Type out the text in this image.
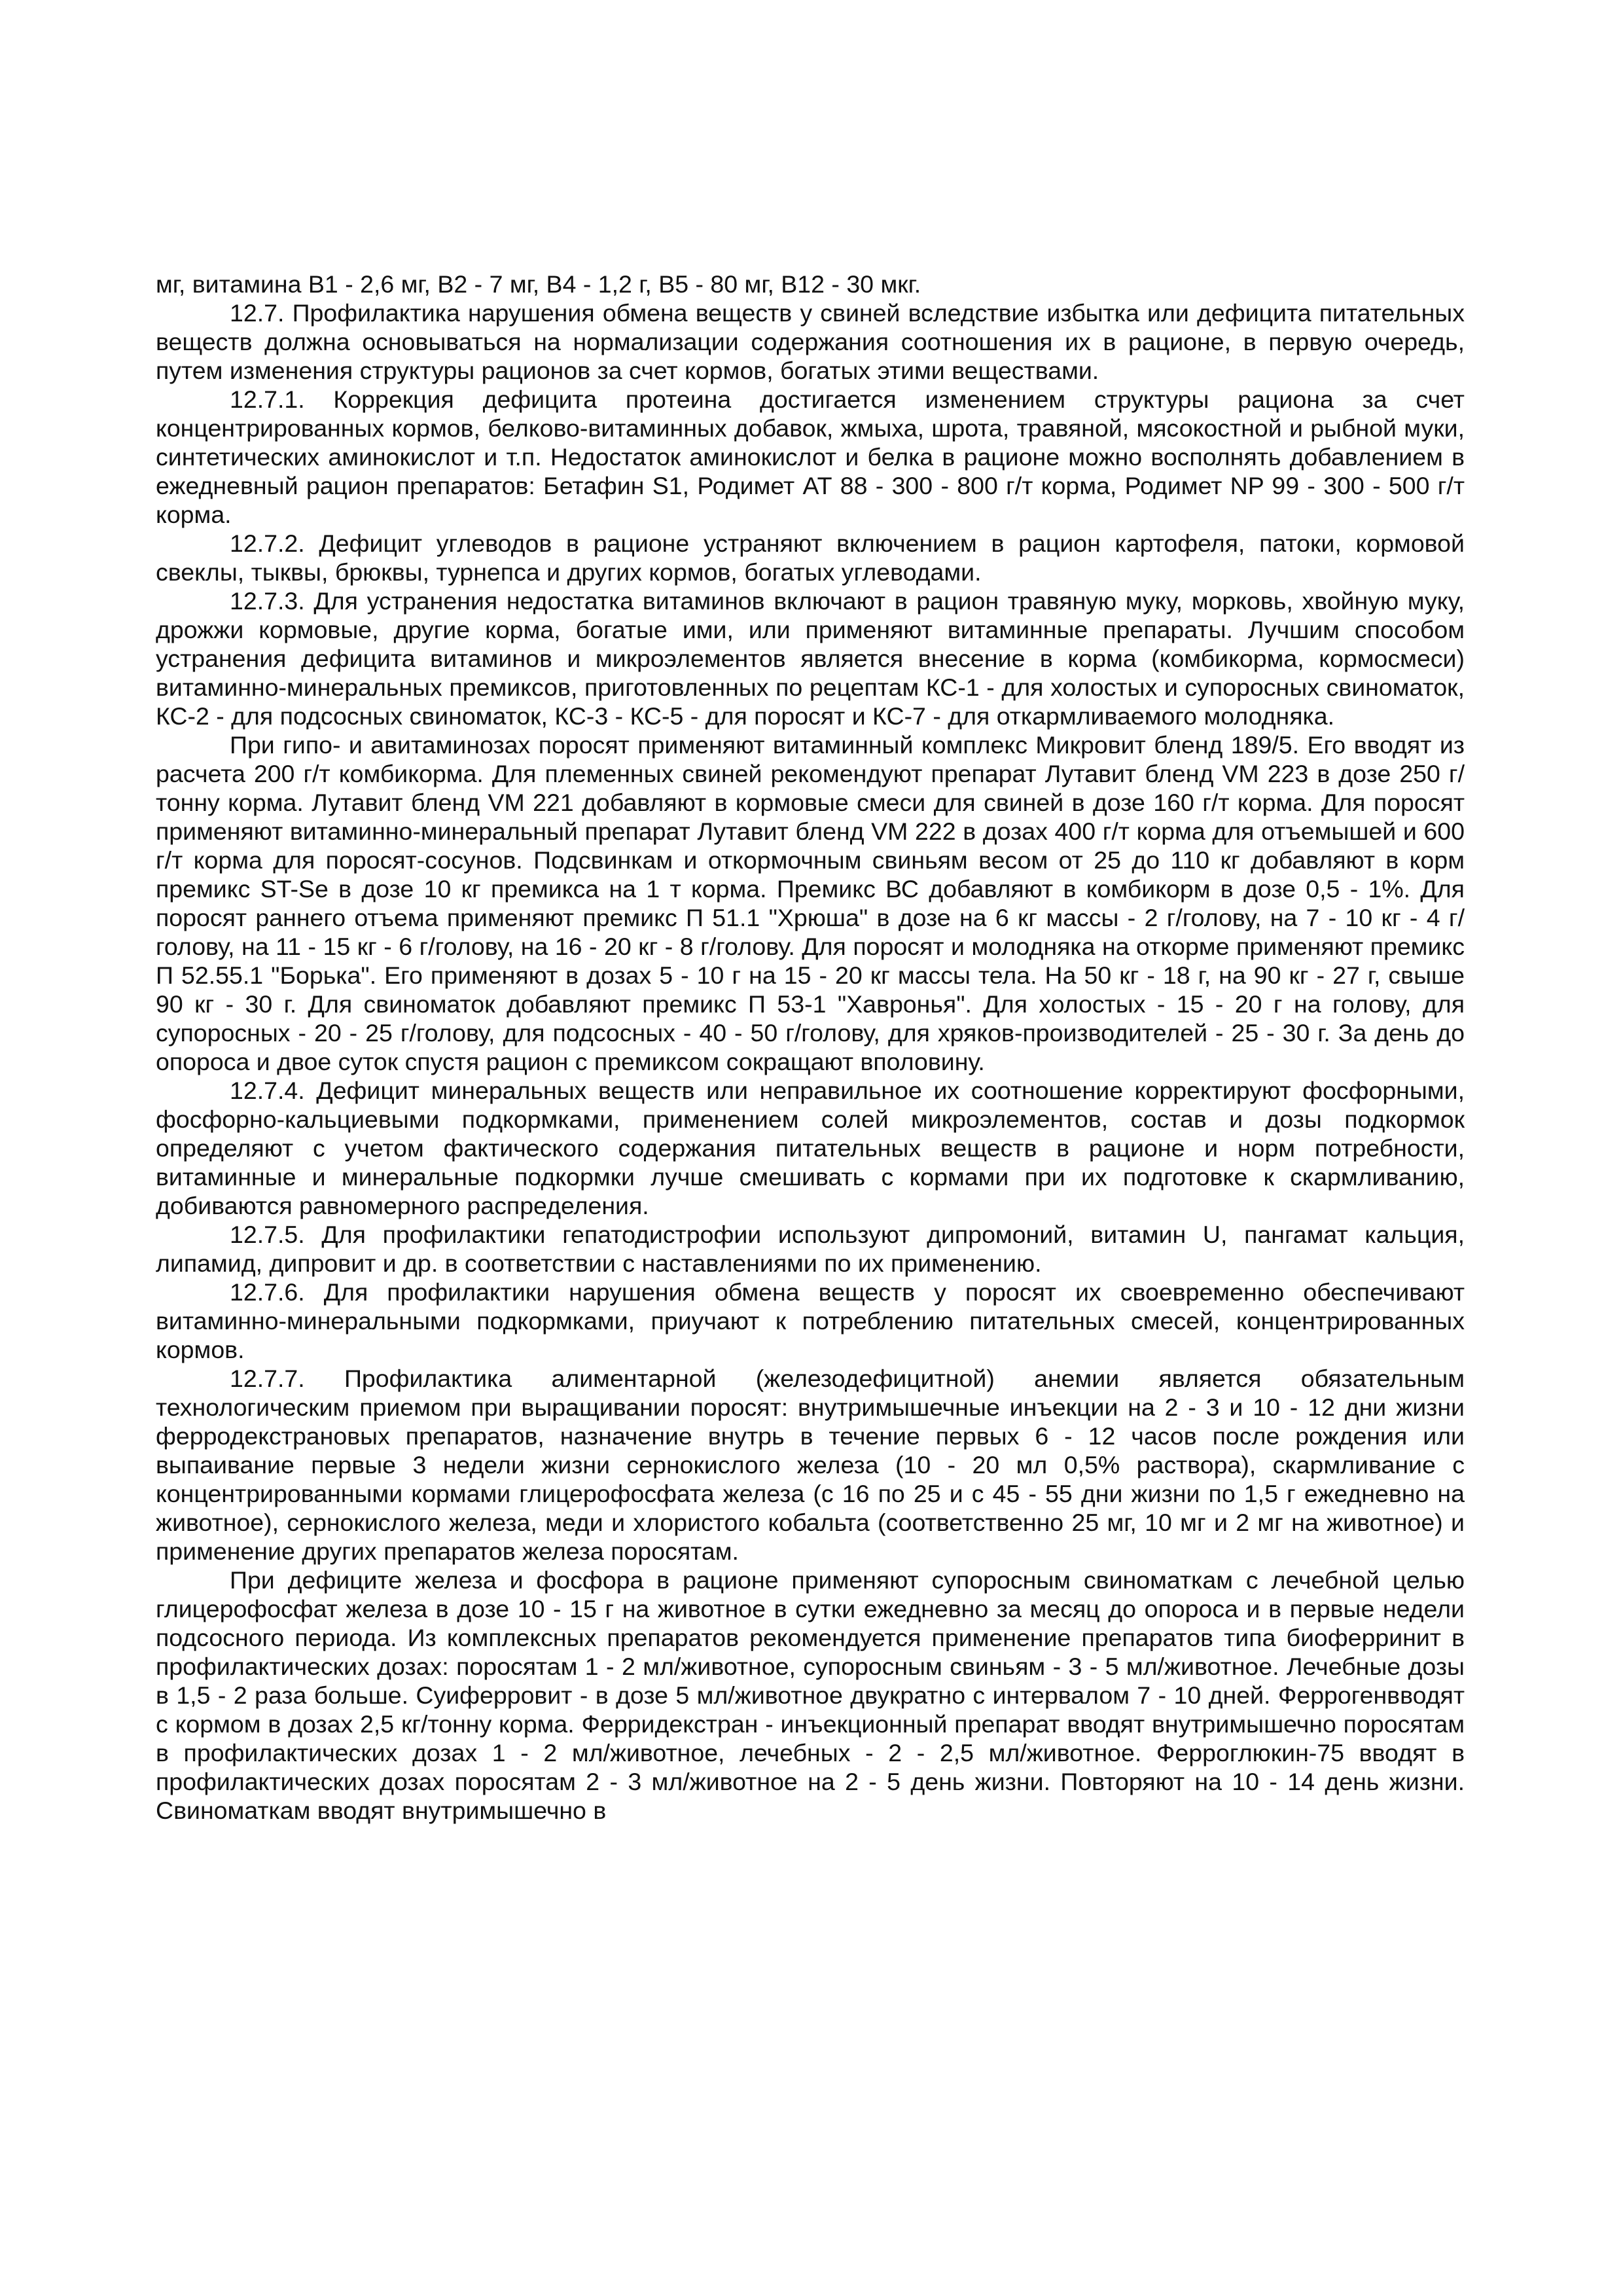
мг, витамина В1 - 2,6 мг, В2 - 7 мг, В4 - 1,2 г, В5 - 80 мг, В12 - 30 мкг.

12.7. Профилактика нарушения обмена веществ у свиней вследствие избытка или дефицита питательных веществ должна основываться на нормализации содержания соотношения их в рационе, в первую очередь, путем изменения структуры рационов за счет кормов, богатых этими веществами.

12.7.1. Коррекция дефицита протеина достигается изменением структуры рациона за счет концентрированных кормов, белково-витаминных добавок, жмыха, шрота, травяной, мясокостной и рыбной муки, синтетических аминокислот и т.п. Недостаток аминокислот и белка в рационе можно восполнять добавлением в ежедневный рацион препаратов: Бетафин S1, Родимет АТ 88 - 300 - 800 г/т корма, Родимет NP 99 - 300 - 500 г/т корма.

12.7.2. Дефицит углеводов в рационе устраняют включением в рацион картофеля, патоки, кормовой свеклы, тыквы, брюквы, турнепса и других кормов, богатых углеводами.

12.7.3. Для устранения недостатка витаминов включают в рацион травяную муку, морковь, хвойную муку, дрожжи кормовые, другие корма, богатые ими, или применяют витаминные препараты. Лучшим способом устранения дефицита витаминов и микроэлементов является внесение в корма (комбикорма, кормосмеси) витаминно-минеральных премиксов, приготовленных по рецептам КС-1 - для холостых и супоросных свиноматок, КС-2 - для подсосных свиноматок, КС-3 - КС-5 - для поросят и КС-7 - для откармливаемого молодняка.

При гипо- и авитаминозах поросят применяют витаминный комплекс Микровит бленд 189/5. Его вводят из расчета 200 г/т комбикорма. Для племенных свиней рекомендуют препарат Лутавит бленд VM 223 в дозе 250 г/тонну корма. Лутавит бленд VM 221 добавляют в кормовые смеси для свиней в дозе 160 г/т корма. Для поросят применяют витаминно-минеральный препарат Лутавит бленд VM 222 в дозах 400 г/т корма для отъемышей и 600 г/т корма для поросят-сосунов. Подсвинкам и откормочным свиньям весом от 25 до 110 кг добавляют в корм премикс ST-Se в дозе 10 кг премикса на 1 т корма. Премикс ВС добавляют в комбикорм в дозе 0,5 - 1%. Для поросят раннего отъема применяют премикс П 51.1 "Хрюша" в дозе на 6 кг массы - 2 г/голову, на 7 - 10 кг - 4 г/голову, на 11 - 15 кг - 6 г/голову, на 16 - 20 кг - 8 г/голову. Для поросят и молодняка на откорме применяют премикс П 52.55.1 "Борька". Его применяют в дозах 5 - 10 г на 15 - 20 кг массы тела. На 50 кг - 18 г, на 90 кг - 27 г, свыше 90 кг - 30 г. Для свиноматок добавляют премикс П 53-1 "Хавронья". Для холостых - 15 - 20 г на голову, для супоросных - 20 - 25 г/голову, для подсосных - 40 - 50 г/голову, для хряков-производителей - 25 - 30 г. За день до опороса и двое суток спустя рацион с премиксом сокращают вполовину.

12.7.4. Дефицит минеральных веществ или неправильное их соотношение корректируют фосфорными, фосфорно-кальциевыми подкормками, применением солей микроэлементов, состав и дозы подкормок определяют с учетом фактического содержания питательных веществ в рационе и норм потребности, витаминные и минеральные подкормки лучше смешивать с кормами при их подготовке к скармливанию, добиваются равномерного распределения.

12.7.5. Для профилактики гепатодистрофии используют дипромоний, витамин U, пангамат кальция, липамид, дипровит и др. в соответствии с наставлениями по их применению.

12.7.6. Для профилактики нарушения обмена веществ у поросят их своевременно обеспечивают витаминно-минеральными подкормками, приучают к потреблению питательных смесей, концентрированных кормов.

12.7.7. Профилактика алиментарной (железодефицитной) анемии является обязательным технологическим приемом при выращивании поросят: внутримышечные инъекции на 2 - 3 и 10 - 12 дни жизни ферродекстрановых препаратов, назначение внутрь в течение первых 6 - 12 часов после рождения или выпаивание первые 3 недели жизни сернокислого железа (10 - 20 мл 0,5% раствора), скармливание с концентрированными кормами глицерофосфата железа (с 16 по 25 и с 45 - 55 дни жизни по 1,5 г ежедневно на животное), сернокислого железа, меди и хлористого кобальта (соответственно 25 мг, 10 мг и 2 мг на животное) и применение других препаратов железа поросятам.

При дефиците железа и фосфора в рационе применяют супоросным свиноматкам с лечебной целью глицерофосфат железа в дозе 10 - 15 г на животное в сутки ежедневно за месяц до опороса и в первые недели подсосного периода. Из комплексных препаратов рекомендуется применение препаратов типа биоферринит в профилактических дозах: поросятам 1 - 2 мл/животное, супоросным свиньям - 3 - 5 мл/животное. Лечебные дозы в 1,5 - 2 раза больше. Суиферровит - в дозе 5 мл/животное двукратно с интервалом 7 - 10 дней. Феррогенвводят с кормом в дозах 2,5 кг/тонну корма. Ферридекстран - инъекционный препарат вводят внутримышечно поросятам в профилактических дозах 1 - 2 мл/животное, лечебных - 2 - 2,5 мл/животное. Ферроглюкин-75 вводят в профилактических дозах поросятам 2 - 3 мл/животное на 2 - 5 день жизни. Повторяют на 10 - 14 день жизни. Свиноматкам вводят внутримышечно в
